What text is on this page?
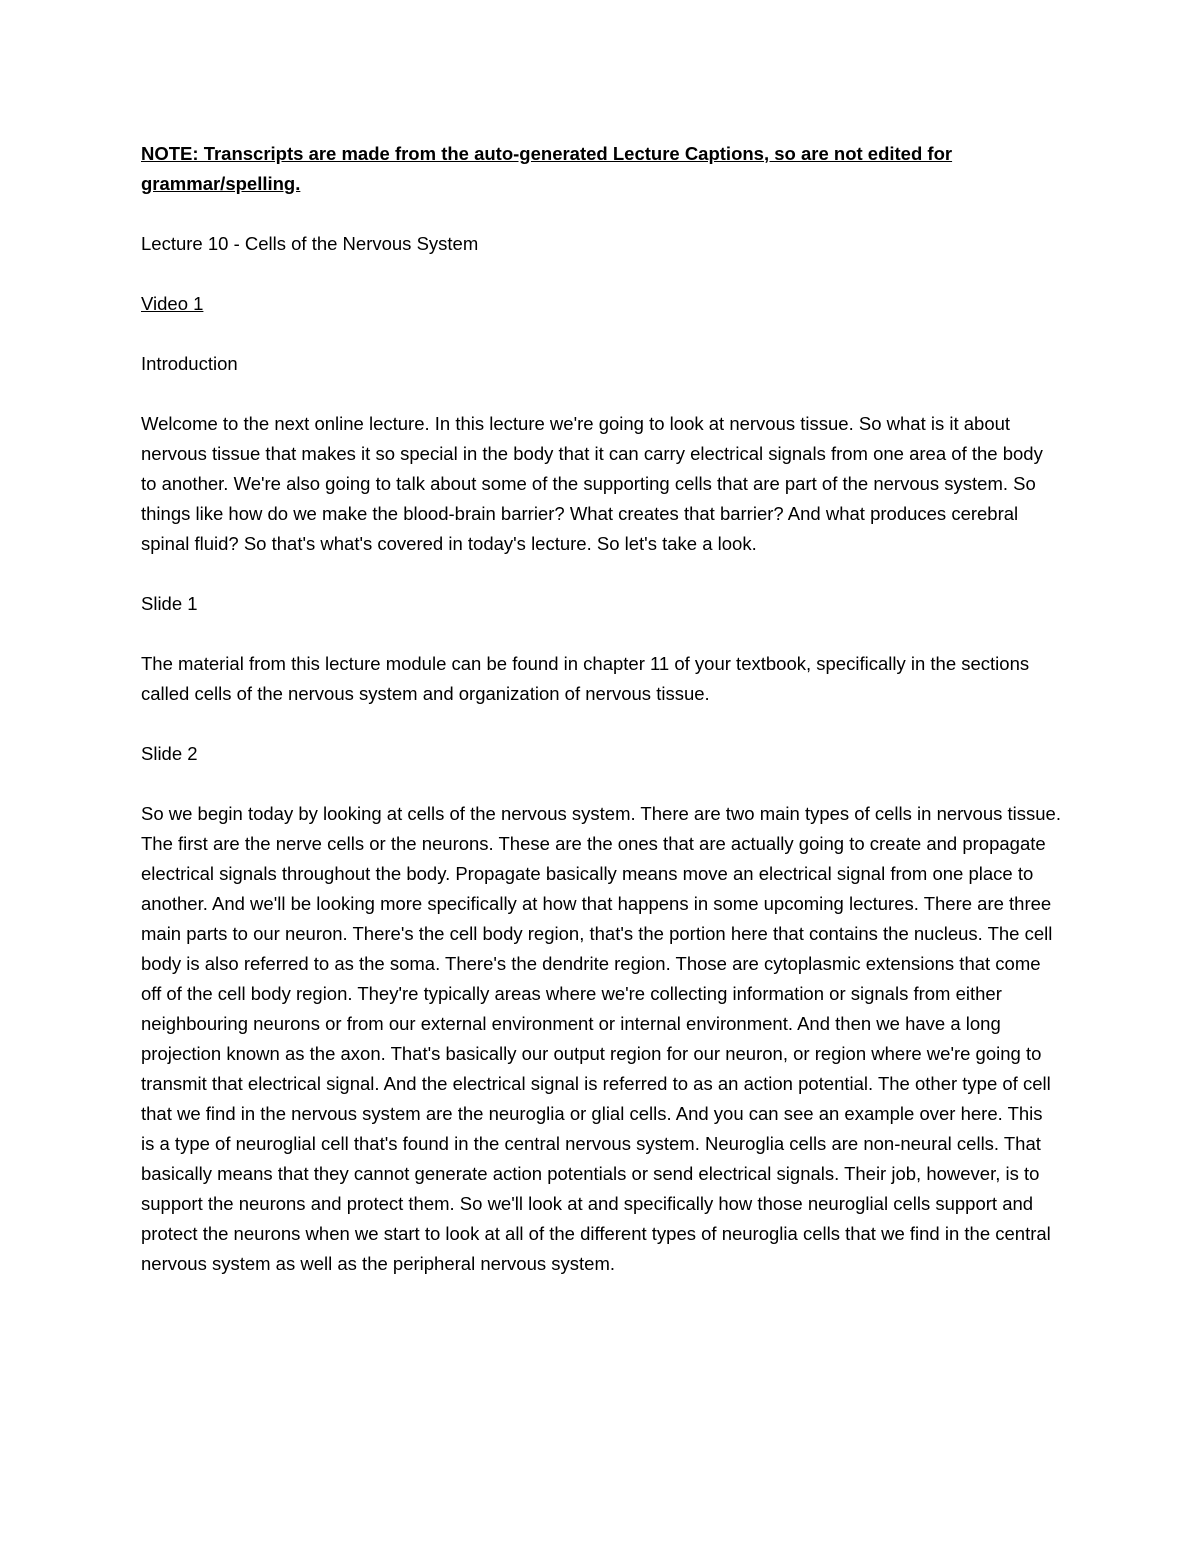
NOTE: Transcripts are made from the auto-generated Lecture Captions, so are not edited for grammar/spelling.

Lecture 10 - Cells of the Nervous System

Video 1

Introduction

Welcome to the next online lecture. In this lecture we're going to look at nervous tissue. So what is it about nervous tissue that makes it so special in the body that it can carry electrical signals from one area of the body to another. We're also going to talk about some of the supporting cells that are part of the nervous system. So things like how do we make the blood-brain barrier? What creates that barrier? And what produces cerebral spinal fluid? So that's what's covered in today's lecture. So let's take a look.

Slide 1

The material from this lecture module can be found in chapter 11 of your textbook, specifically in the sections called cells of the nervous system and organization of nervous tissue.

Slide 2

So we begin today by looking at cells of the nervous system. There are two main types of cells in nervous tissue. The first are the nerve cells or the neurons. These are the ones that are actually going to create and propagate electrical signals throughout the body. Propagate basically means move an electrical signal from one place to another. And we'll be looking more specifically at how that happens in some upcoming lectures. There are three main parts to our neuron. There's the cell body region, that's the portion here that contains the nucleus. The cell body is also referred to as the soma. There's the dendrite region. Those are cytoplasmic extensions that come off of the cell body region. They're typically areas where we're collecting information or signals from either neighbouring neurons or from our external environment or internal environment. And then we have a long projection known as the axon. That's basically our output region for our neuron, or region where we're going to transmit that electrical signal. And the electrical signal is referred to as an action potential. The other type of cell that we find in the nervous system are the neuroglia or glial cells. And you can see an example over here. This is a type of neuroglial cell that's found in the central nervous system. Neuroglia cells are non-neural cells. That basically means that they cannot generate action potentials or send electrical signals. Their job, however, is to support the neurons and protect them. So we'll look at and specifically how those neuroglial cells support and protect the neurons when we start to look at all of the different types of neuroglia cells that we find in the central nervous system as well as the peripheral nervous system.
